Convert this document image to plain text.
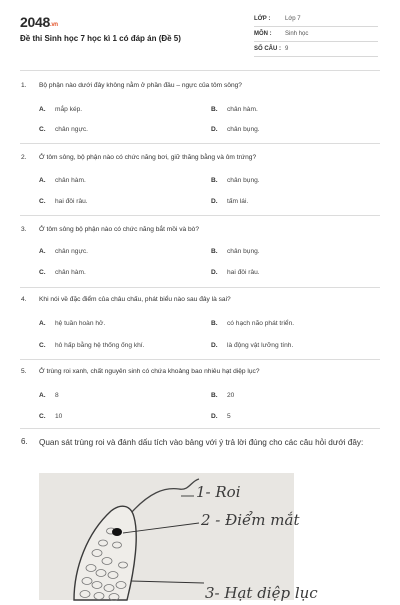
2048.vn
Đề thi Sinh học 7 học kì 1 có đáp án (Đề 5)
LỚP : Lớp 7
MÔN : Sinh học
SỐ CÂU : 9
1. Bộ phận nào dưới đây không nằm ở phần đầu – ngực của tôm sông?
A. mắp kép.	B. chân hàm.
C. chân ngực.	D. chân bụng.
2. Ở tôm sông, bộ phận nào có chức năng bơi, giữ thăng bằng và ôm trứng?
A. chân hàm.	B. chân bụng.
C. hai đôi râu.	D. tấm lái.
3. Ở tôm sông bộ phận nào có chức năng bắt mồi và bò?
A. chân ngực.	B. chân bụng.
C. chân hàm.	D. hai đôi râu.
4. Khi nói về đặc điểm của châu chấu, phát biểu nào sau đây là sai?
A. hệ tuần hoàn hở.	B. có hạch não phát triển.
C. hô hấp bằng hệ thống ống khí.	D. là động vật lưỡng tính.
5. Ở trùng roi xanh, chất nguyên sinh có chứa khoảng bao nhiêu hạt diệp lục?
A. 8	B. 20
C. 10	D. 5
6. Quan sát trùng roi và đánh dấu tích vào bảng với ý trả lời đúng cho các câu hỏi dưới đây:
1- Roi
2 - Điểm mắt
3- Hạt diệp lục
